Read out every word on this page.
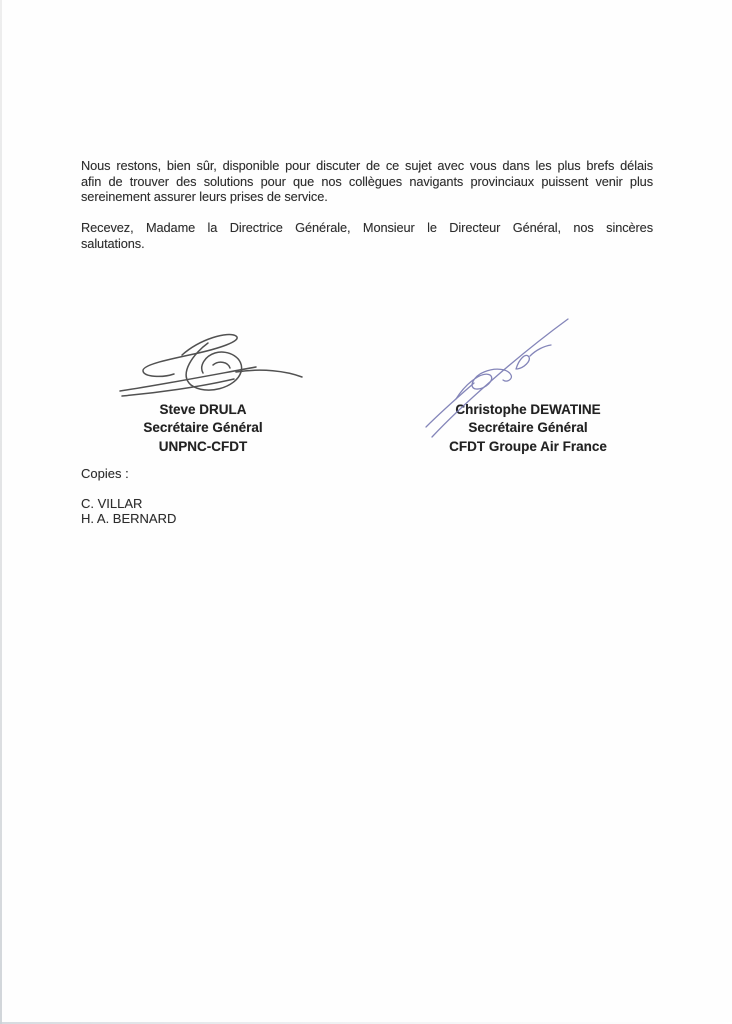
Nous restons, bien sûr, disponible pour discuter de ce sujet avec vous dans les plus brefs délais
afin de trouver des solutions pour que nos collègues navigants provinciaux puissent venir plus
sereinement assurer leurs prises de service.
Recevez, Madame la Directrice Générale, Monsieur le Directeur Général, nos sincères
salutations.
Steve DRULA
Secrétaire Général
UNPNC-CFDT
Christophe DEWATINE
Secrétaire Général
CFDT Groupe Air France
Copies :
C. VILLAR
H. A. BERNARD
